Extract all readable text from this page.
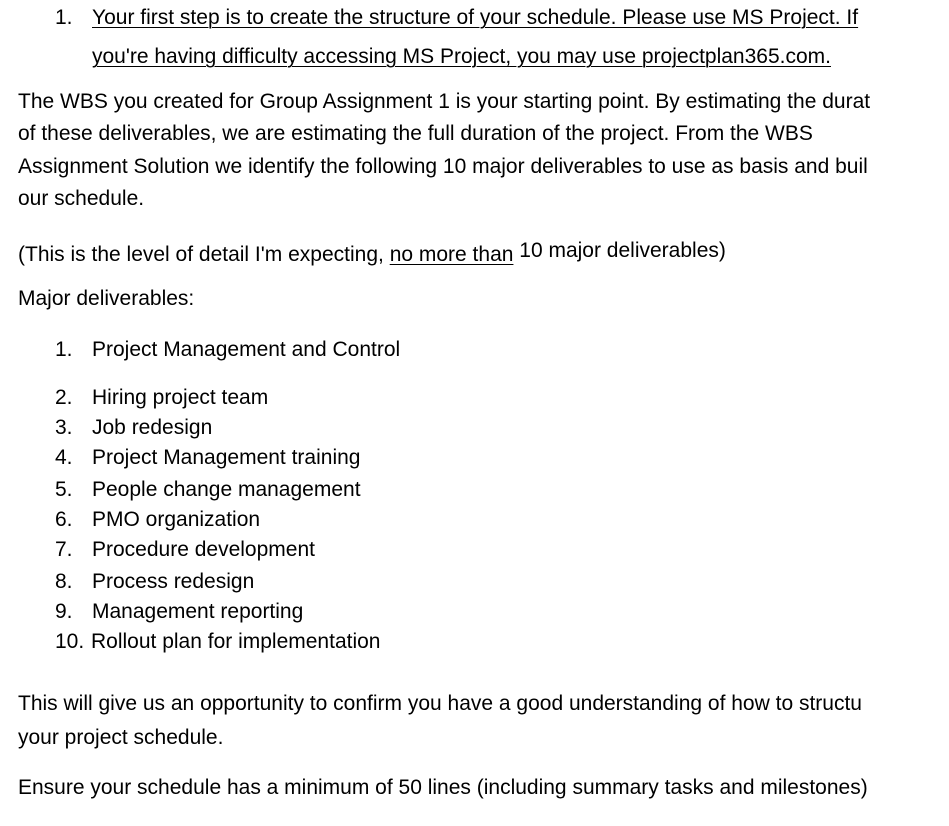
1. Your first step is to create the structure of your schedule. Please use MS Project. If
you're having difficulty accessing MS Project, you may use projectplan365.com.
The WBS you created for Group Assignment 1 is your starting point. By estimating the durat
of these deliverables, we are estimating the full duration of the project. From the WBS
Assignment Solution we identify the following 10 major deliverables to use as basis and buil
our schedule.
(This is the level of detail I'm expecting, no more than 10 major deliverables)
Major deliverables:
1. Project Management and Control
2. Hiring project team
3. Job redesign
4. Project Management training
5. People change management
6. PMO organization
7. Procedure development
8. Process redesign
9. Management reporting
10. Rollout plan for implementation
This will give us an opportunity to confirm you have a good understanding of how to structu
your project schedule.
Ensure your schedule has a minimum of 50 lines (including summary tasks and milestones)
